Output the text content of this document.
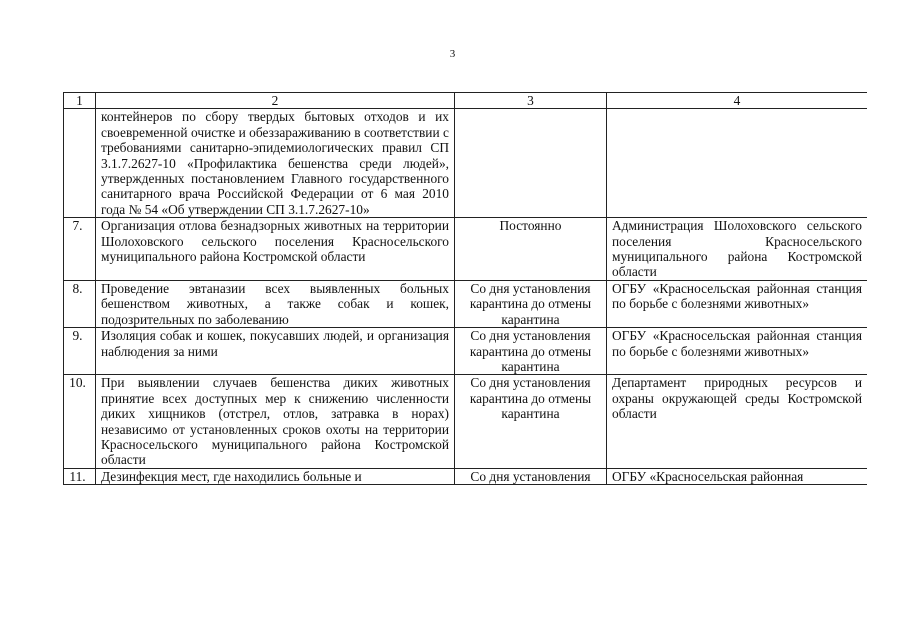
3
1	2	3	4

	контейнеров по сбору твердых бытовых отходов и их своевременной очистке и обеззараживанию в соответствии с требованиями санитарно-эпидемиологических правил СП 3.1.7.2627-10 «Профилактика бешенства среди людей», утвержденных постановлением Главного государственного санитарного врача Российской Федерации от 6 мая 2010 года № 54 «Об утверждении СП 3.1.7.2627-10»		

7.	Организация отлова безнадзорных животных на территории Шолоховского сельского поселения Красносельского муниципального района Костромской области	Постоянно	Администрация Шолоховского сельского поселения Красносельского муниципального района Костромской области
8.	Проведение эвтаназии всех выявленных больных бешенством животных, а также собак и кошек, подозрительных по заболеванию	Со дня установления карантина до отмены карантина	ОГБУ «Красносельская районная станция по борьбе с болезнями животных»
9.	Изоляция собак и кошек, покусавших людей, и организация наблюдения за ними	Со дня установления карантина до отмены карантина	ОГБУ «Красносельская районная станция по борьбе с болезнями животных»
10.	При выявлении случаев бешенства диких животных принятие всех доступных мер к снижению численности диких хищников (отстрел, отлов, затравка в норах) независимо от установленных сроков охоты на территории Красносельского муниципального района Костромской области	Со дня установления карантина до отмены карантина	Департамент природных ресурсов и охраны окружающей среды Костромской области
11.	Дезинфекция мест, где находились больные и	Со дня установления	ОГБУ «Красносельская районная
